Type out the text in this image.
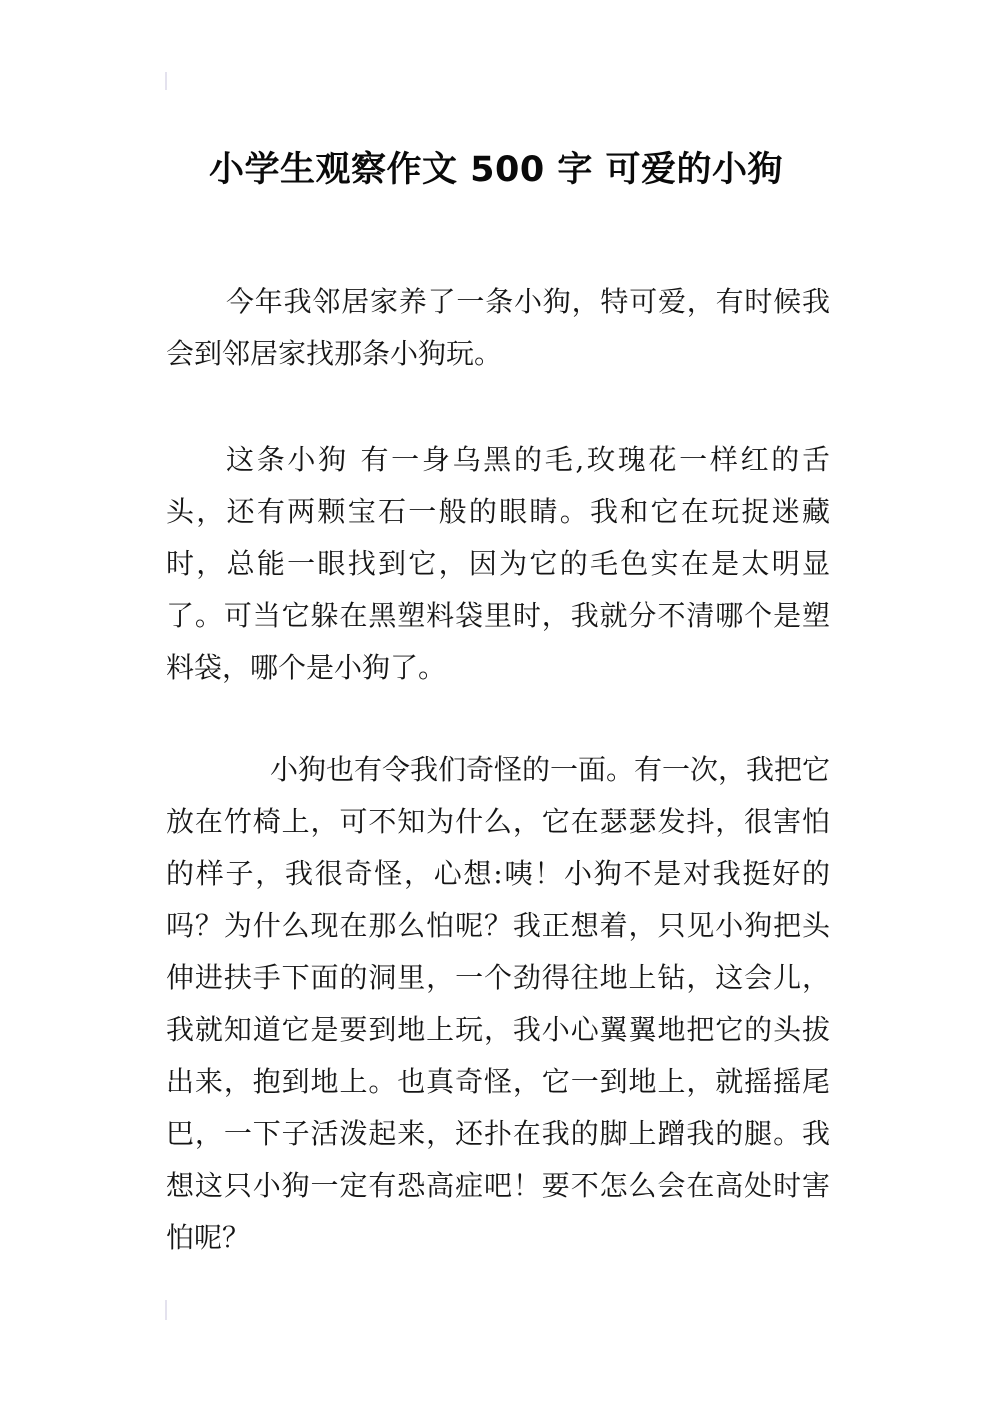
小学生观察作文 500 字 可爱的小狗

今年我邻居家养了一条小狗，特可爱，有时候我会到邻居家找那条小狗玩。

这条小狗 有一身乌黑的毛,玫瑰花一样红的舌头，还有两颗宝石一般的眼睛。我和它在玩捉迷藏时，总能一眼找到它，因为它的毛色实在是太明显了。可当它躲在黑塑料袋里时，我就分不清哪个是塑料袋，哪个是小狗了。

小狗也有令我们奇怪的一面。有一次，我把它放在竹椅上，可不知为什么，它在瑟瑟发抖，很害怕的样子，我很奇怪，心想:咦！小狗不是对我挺好的吗？为什么现在那么怕呢？我正想着，只见小狗把头伸进扶手下面的洞里，一个劲得往地上钻，这会儿，我就知道它是要到地上玩，我小心翼翼地把它的头拔出来，抱到地上。也真奇怪，它一到地上，就摇摇尾巴，一下子活泼起来，还扑在我的脚上蹭我的腿。我想这只小狗一定有恐高症吧！要不怎么会在高处时害怕呢？
